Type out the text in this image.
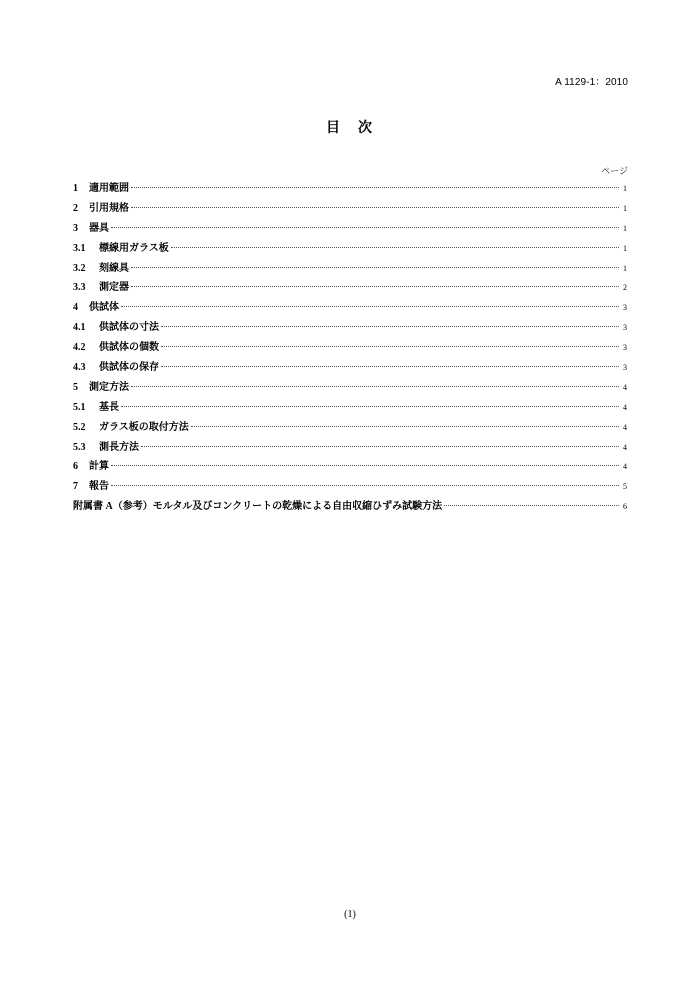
A 1129-1：2010
目　次
ページ
1	適用範囲	1
2	引用規格	1
3	器具	1
3.1	標線用ガラス板	1
3.2	刻線具	1
3.3	測定器	2
4	供試体	3
4.1	供試体の寸法	3
4.2	供試体の個数	3
4.3	供試体の保存	3
5	測定方法	4
5.1	基長	4
5.2	ガラス板の取付方法	4
5.3	測長方法	4
6	計算	4
7	報告	5
附属書 A （参考）モルタル及びコンクリートの乾燥による自由収縮ひずみ試験方法	6
(1)
